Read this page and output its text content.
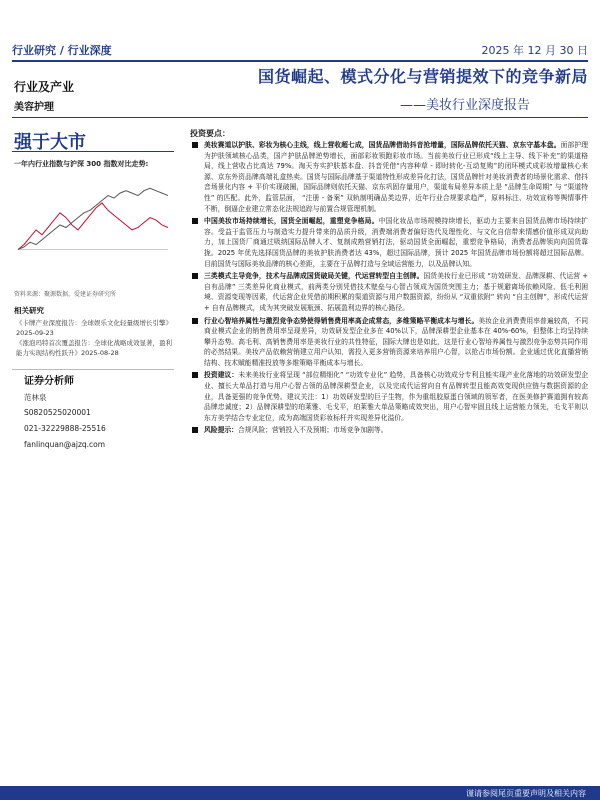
行业研究 / 行业深度	2025 年 12 月 30 日
行业及产业
美容护理
国货崛起、模式分化与营销提效下的竞争新局
——美妆行业深度报告
强于大市
一年内行业指数与沪深 300 指数对比走势:
资料来源：聚源数据，爱建证券研究所
相关研究
《卡牌产业深度报告：全球娱乐文化轻量级增长引擎》2025-09-23
《涨泡玛特首次覆盖报告：全球化战略成效显著，盈利能力实现结构性跃升》2025-08-28
证券分析师
范林泉
S0820525020001
021-32229888-25516
fanlinquan@ajzq.com
投资要点：
美妆赛道以护肤、彩妆为核心主线，线上营收超七成，国货品牌借助抖音抢增量，国际品牌依托天猫、京东守基本盘。面部护理为护肤领域核心品类，国产护肤品牌逆势增长，面部彩妆领跑彩妆市场。当前美妆行业已形成“线上主导、线下补充”的渠道格局，线上营收占比高达 79%。淘天夯实护肤基本盘、抖音凭借“内容种草 - 即时转化-互动复购”的闭环模式成彩妆增量核心来源、京东外资品牌高端礼盒热卖。国货与国际品牌基于渠道特性形成差异化打法，国货品牌针对美妆消费者的场景化需求、借抖音场景化内容 + 平价实现破圈，国际品牌则依托天猫、京东巩固存量用户，渠道布局差异本质上是 “品牌生命周期” 与 “渠道特性” 的匹配。此外，监管层面， “注册 - 备案” 双轨制明确品类边界，近年行业合规要求趋严，原料标注、功效宣称等舆情事件不断，倒逼企业建立常态化法规追踪与前置合规管理机制。
中国美妆市场持续增长，国货全面崛起，重塑竞争格局。中国化妆品市场规模持续增长，驱动力主要来自国货品牌市场持续扩容。受益于监管压力与制造实力提升带来的品质升级，消费端消费者偏好迭代及理性化、与文化自信带来情感价值形成双向助力，加上国货厂商通过吸纳国际品牌人才、复制成熟营销打法，驱动国货全面崛起，重塑竞争格局，消费者品牌领向向国货靠拢。2025 年优先选择国货品牌的美妆护肤消费者达 43%，超过国际品牌，预计 2025 年国货品牌市场份额将超过国际品牌。目前国货与国际美妆品牌的核心差距，主要在于品牌打造与全域运营能力，以及品牌认知。
三类模式主导竞争，技术与品牌成国货破局关键，代运营转型自主创牌。国货美妆行业已形成 “功效研发、品牌深耕、代运营 + 自有品牌” 三类差异化商业模式，前两类分别凭借技术壁垒与心智占领成为国货突围主力；基于规避离场依赖风险、低毛利困境、资源变现等因素，代运营企业凭借前期积累的渠道资源与用户数据资源，纷纷从 “双重依附” 转向 “自主创牌”，形成代运营 + 自有品牌模式，成为其突破发展瓶颈、拓展盈利边界的核心路径。
行业心智培养属性与激烈竞争态势使得销售费用率高企成常态，多维策略平衡成本与增长。美妆企业消费费用率普遍较高，不同商业模式企业的销售费用率呈现差异，功效研发型企业多在 40%以下，品牌深耕型企业基本在 40%-60%，但整体上均呈持续攀升态势。高毛利、高销售费用率是美妆行业的共性特征，国际大牌也是如此，这是行业心智培养属性与激烈竞争态势共同作用的必然结果。美妆产品依赖营销建立用户认知，需投入更多营销资源来培养用户心智，以抢占市场份额。企业通过优化直播营销结构、技术赋能精准投放等多维策略平衡成本与增长。
投资建议：未来美妆行业将呈现 “部位精细化” “功效专业化” 趋势，具备核心功效成分专利且能实现产业化落地的功效研发型企业、擅长大单品打造与用户心智占领的品牌深耕型企业，以及完成代运营向自有品牌转型且能高效变现供应链与数据资源的企业，具备更强的竞争优势。建议关注：1）功效研发型的巨子生物，作为重组胶原蛋白领域的领军者，在医美修护赛道拥有较高品牌忠诚度；2）品牌深耕型的珀莱雅、毛戈平，珀莱雅大单品策略成效突出，用户心智牢固且线上运营能力领先，毛戈平则以东方美学结合专业定位，成为高端国货彩妆标杆并实现差异化溢价。
风险提示：合规风险；营销投入不及预期；市场竞争加剧等。
谨请参阅尾页重要声明及相关内容
